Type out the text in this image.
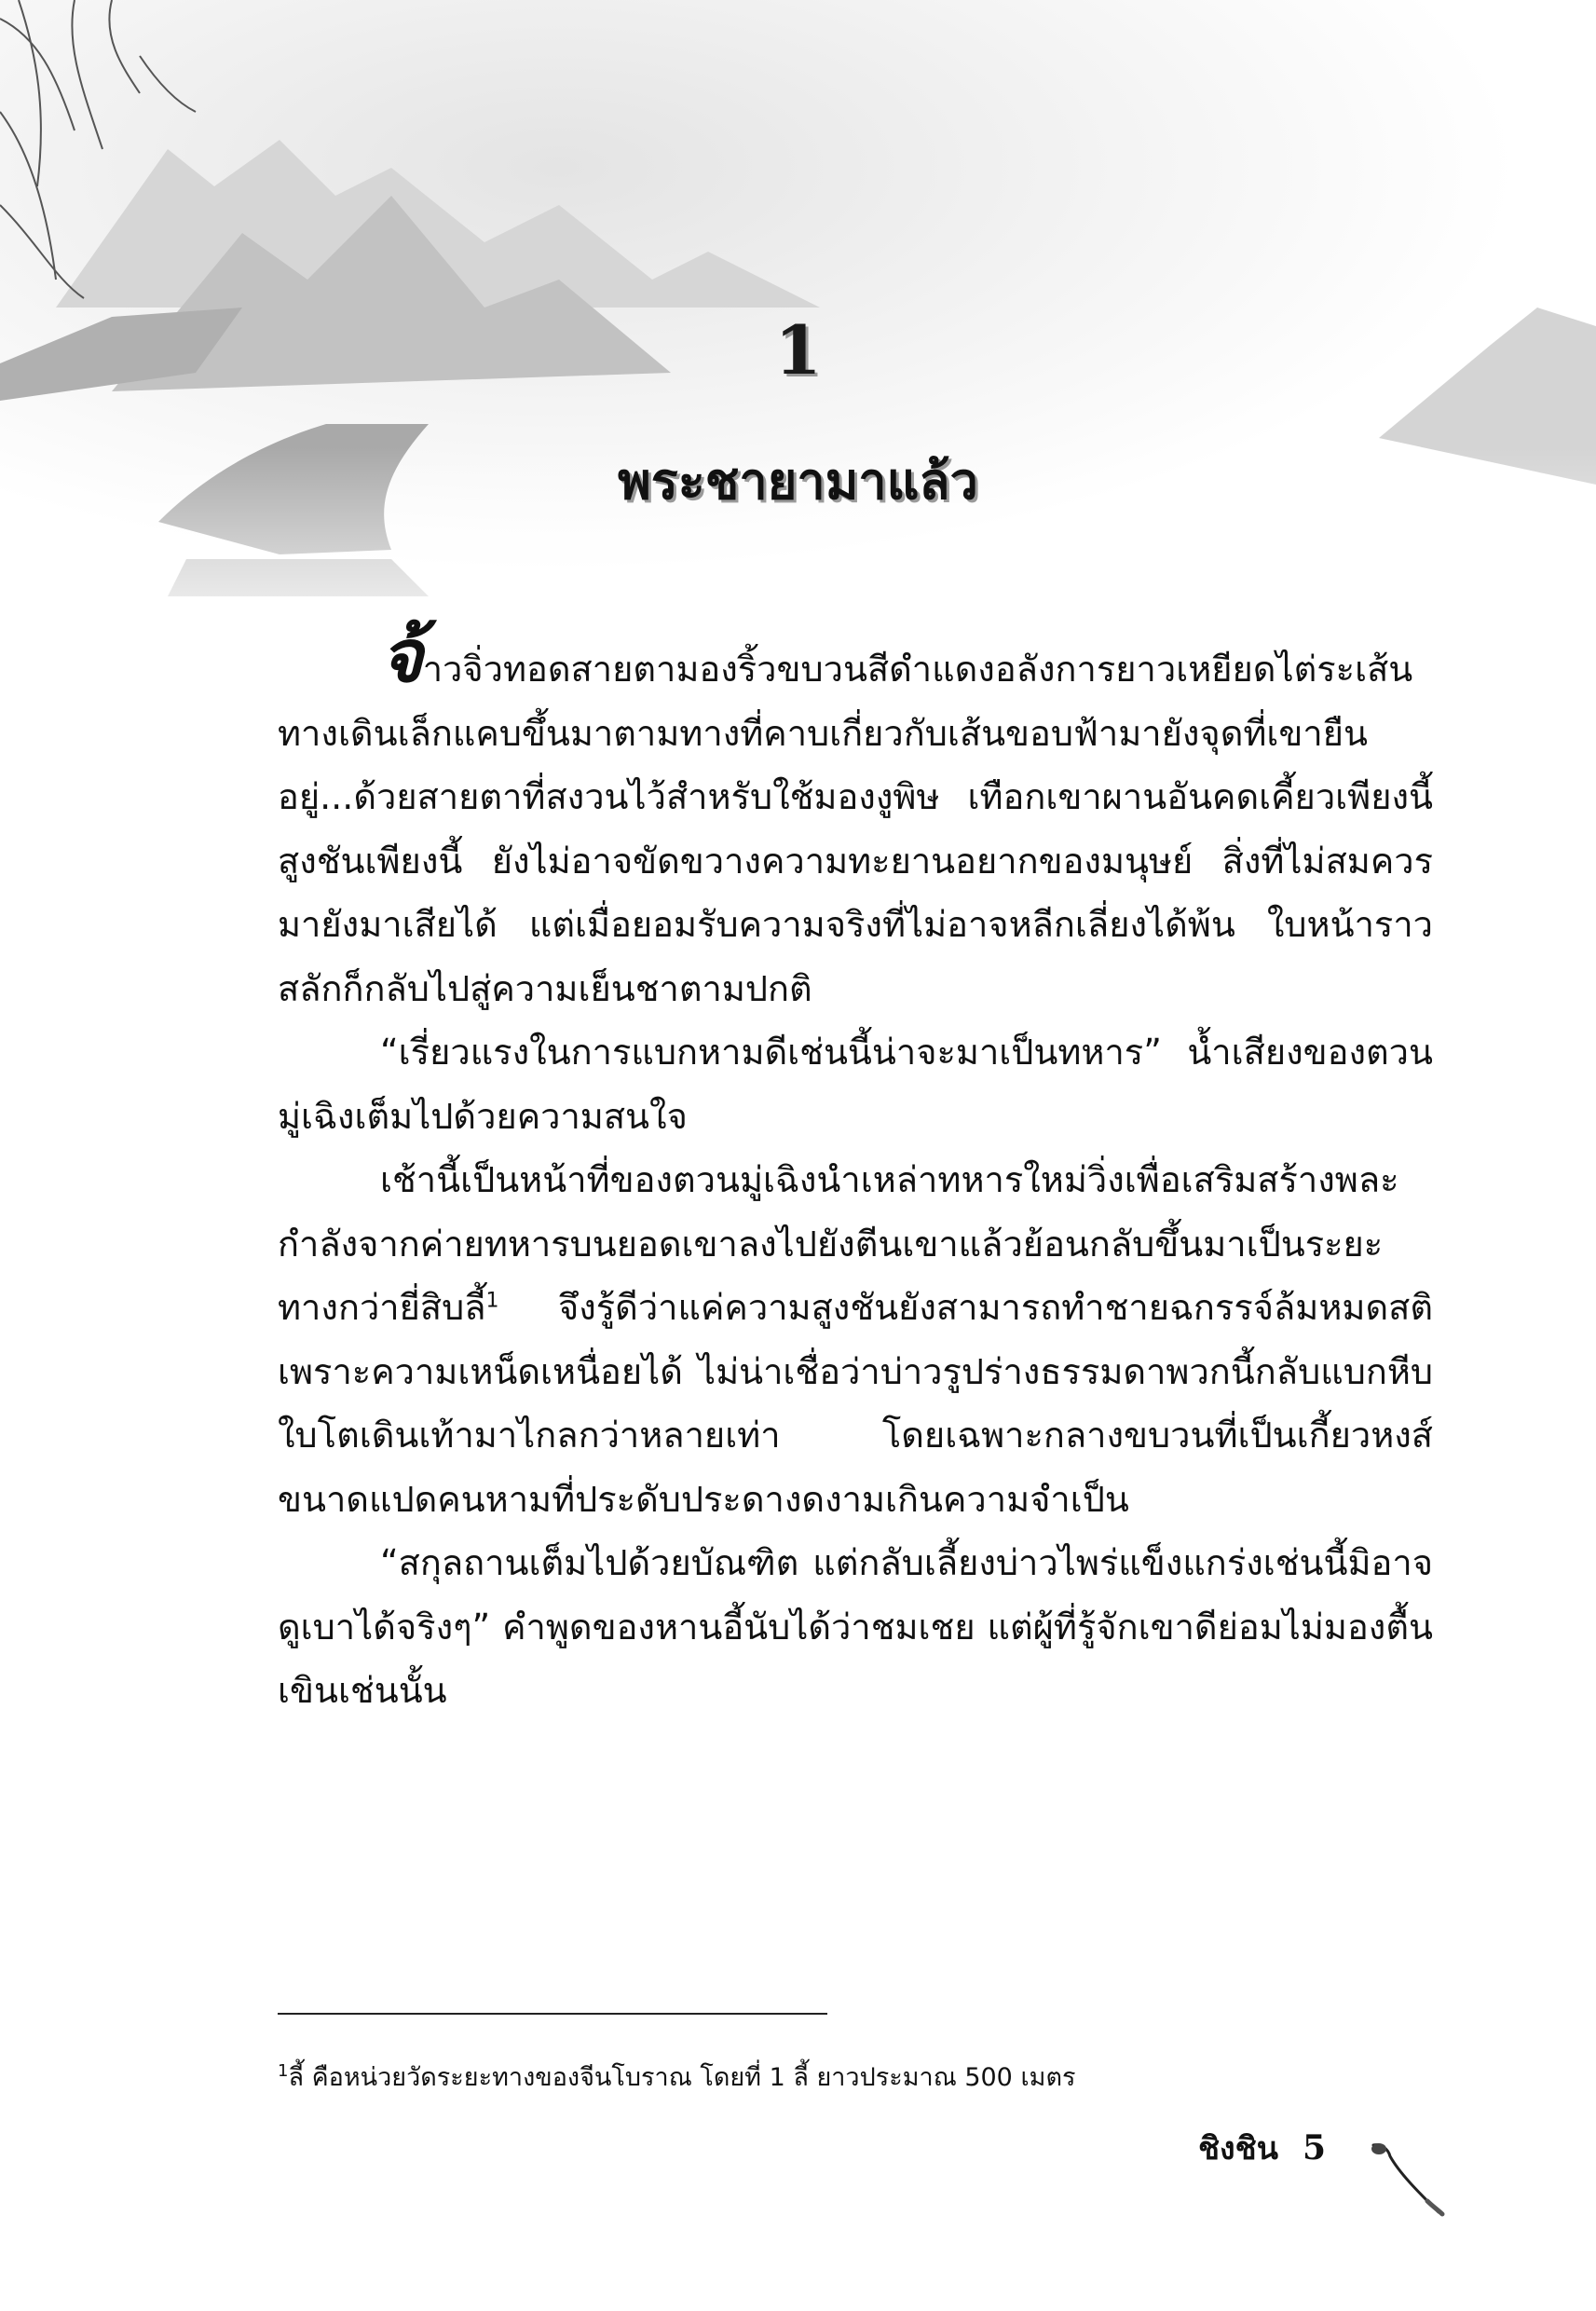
1
พระชายามาแล้ว

จ้าวจิ่วทอดสายตามองริ้วขบวนสีดำแดงอลังการยาวเหยียดไต่ระเส้นทางเดินเล็กแคบขึ้นมาตามทางที่คาบเกี่ยวกับเส้นขอบฟ้ามายังจุดที่เขายืนอยู่...ด้วยสายตาที่สงวนไว้สำหรับใช้มองงูพิษ เทือกเขาผานอันคดเคี้ยวเพียงนี้ สูงชันเพียงนี้ ยังไม่อาจขัดขวางความทะยานอยากของมนุษย์ สิ่งที่ไม่สมควรมายังมาเสียได้ แต่เมื่อยอมรับความจริงที่ไม่อาจหลีกเลี่ยงได้พ้น ใบหน้าราวสลักก็กลับไปสู่ความเย็นชาตามปกติ

“เรี่ยวแรงในการแบกหามดีเช่นนี้น่าจะมาเป็นทหาร” น้ำเสียงของตวนมู่เฉิงเต็มไปด้วยความสนใจ

เช้านี้เป็นหน้าที่ของตวนมู่เฉิงนำเหล่าทหารใหม่วิ่งเพื่อเสริมสร้างพละกำลังจากค่ายทหารบนยอดเขาลงไปยังตีนเขาแล้วย้อนกลับขึ้นมาเป็นระยะทางกว่ายี่สิบลี้$^1$ จึงรู้ดีว่าแค่ความสูงชันยังสามารถทำชายฉกรรจ์ล้มหมดสติเพราะความเหน็ดเหนื่อยได้ ไม่น่าเชื่อว่าบ่าวรูปร่างธรรมดาพวกนี้กลับแบกหีบใบโตเดินเท้ามาไกลกว่าหลายเท่า โดยเฉพาะกลางขบวนที่เป็นเกี้ยวหงส์ขนาดแปดคนหามที่ประดับประดางดงามเกินความจำเป็น

“สกุลถานเต็มไปด้วยบัณฑิต แต่กลับเลี้ยงบ่าวไพร่แข็งแกร่งเช่นนี้มิอาจดูเบาได้จริงๆ” คำพูดของหานอี้นับได้ว่าชมเชย แต่ผู้ที่รู้จักเขาดีย่อมไม่มองตื้นเขินเช่นนั้น

$^1$ลี้ คือหน่วยวัดระยะทางของจีนโบราณ โดยที่ 1 ลี้ ยาวประมาณ 500 เมตร
ชิงชิน 5
